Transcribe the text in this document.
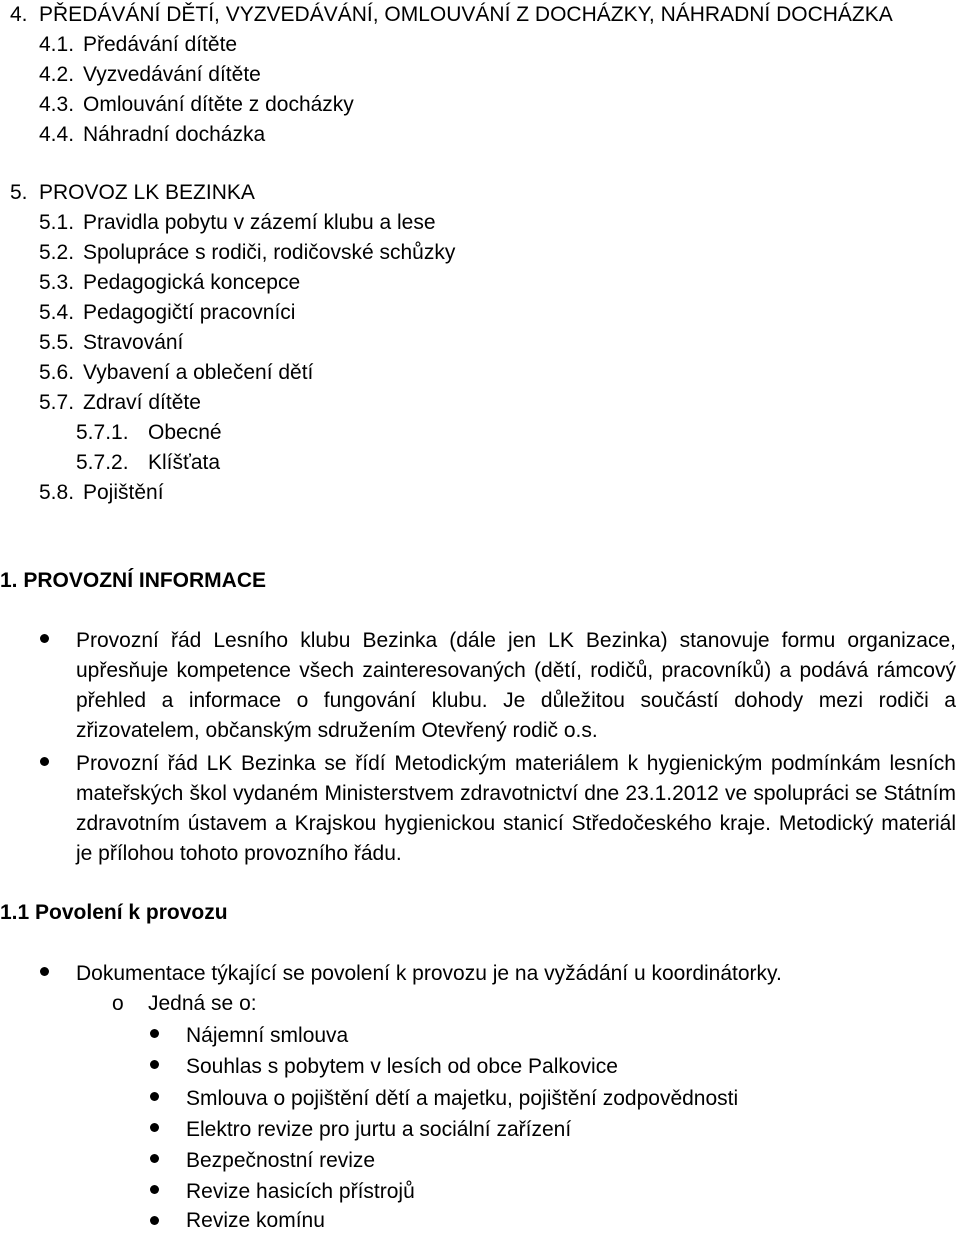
4. PŘEDÁVÁNÍ DĚTÍ, VYZVEDÁVÁNÍ, OMLOUVÁNÍ Z DOCHÁZKY, NÁHRADNÍ DOCHÁZKA
4.1. Předávání dítěte
4.2. Vyzvedávání dítěte
4.3. Omlouvání dítěte z docházky
4.4. Náhradní docházka
5. PROVOZ LK BEZINKA
5.1. Pravidla pobytu v zázemí klubu a lese
5.2. Spolupráce s rodiči, rodičovské schůzky
5.3. Pedagogická koncepce
5.4. Pedagogičtí pracovníci
5.5. Stravování
5.6. Vybavení a oblečení dětí
5.7. Zdraví dítěte
5.7.1. Obecné
5.7.2. Klíšťata
5.8. Pojištění
1. PROVOZNÍ INFORMACE
Provozní řád Lesního klubu Bezinka (dále jen LK Bezinka) stanovuje formu organizace, upřesňuje kompetence všech zainteresovaných (dětí, rodičů, pracovníků) a podává rámcový přehled a informace o fungování klubu. Je důležitou součástí dohody mezi rodiči a zřizovatelem, občanským sdružením Otevřený rodič o.s.
Provozní řád LK Bezinka se řídí Metodickým materiálem k hygienickým podmínkám lesních mateřských škol vydaném Ministerstvem zdravotnictví dne 23.1.2012 ve spolupráci se Státním zdravotním ústavem a Krajskou hygienickou stanicí Středočeského kraje. Metodický materiál je přílohou tohoto provozního řádu.
1.1 Povolení k provozu
Dokumentace týkající se povolení k provozu je na vyžádání u koordinátorky.
o Jedná se o:
Nájemní smlouva
Souhlas s pobytem v lesích od obce Palkovice
Smlouva o pojištění dětí a majetku, pojištění zodpovědnosti
Elektro revize pro jurtu a sociální zařízení
Bezpečnostní revize
Revize hasicích přístrojů
Revize komínu
